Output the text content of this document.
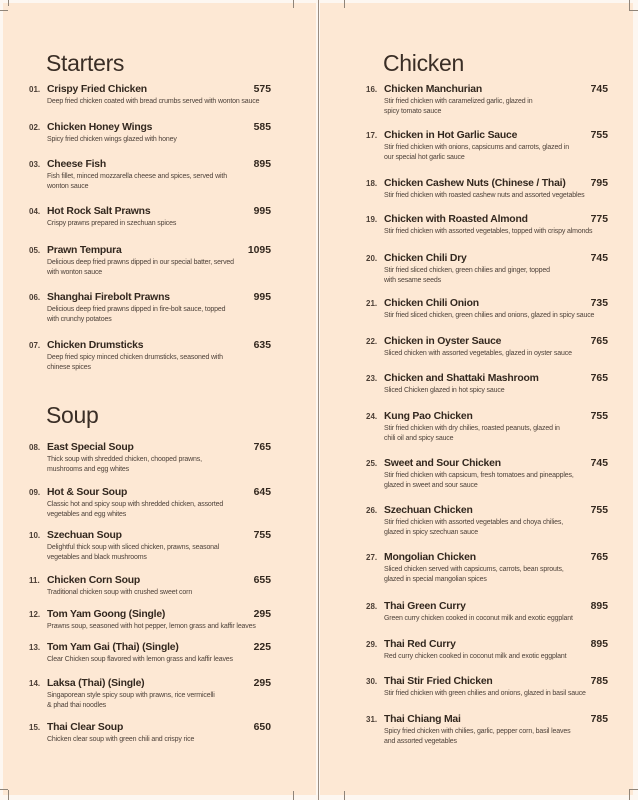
Starters
01. Crispy Fried Chicken	575
Deep fried chicken coated with bread crumbs served with wonton sauce
02. Chicken Honey Wings	585
Spicy fried chicken wings glazed with honey
03. Cheese Fish	895
Fish fillet, minced mozzarella cheese and spices, served with
wonton sauce
04. Hot Rock Salt Prawns	995
Crispy prawns prepared in szechuan spices
05. Prawn Tempura	1095
Delicious deep fried prawns dipped in our special batter, served
with wonton sauce
06. Shanghai Firebolt Prawns	995
Delicious deep fried prawns dipped in fire-bolt sauce, topped
with crunchy potatoes
07. Chicken Drumsticks	635
Deep fried spicy minced chicken drumsticks, seasoned with
chinese spices
Soup
08. East Special Soup	765
Thick soup with shredded chicken, chooped prawns,
mushrooms and egg whites
09. Hot & Sour Soup	645
Classic hot and spicy soup with shredded chicken, assorted
vegetables and egg whites
10. Szechuan Soup	755
Delightful thick soup with sliced chicken, prawns, seasonal
vegetables and black mushrooms
11. Chicken Corn Soup	655
Traditional chicken soup with crushed sweet corn
12. Tom Yam Goong (Single)	295
Prawns soup, seasoned with hot pepper, lemon grass and kaffir leaves
13. Tom Yam Gai (Thai) (Single)	225
Clear Chicken soup flavored with lemon grass and kaffir leaves
14. Laksa (Thai) (Single)	295
Singaporean style spicy soup with prawns, rice vermicelli
& phad thai noodles
15. Thai Clear Soup	650
Chicken clear soup with green chili and crispy rice
Chicken
16. Chicken Manchurian	745
Stir fried chicken with caramelized garlic, glazed in
spicy tomato sauce
17. Chicken in Hot Garlic Sauce	755
Stir fried chicken with onions, capsicums and carrots, glazed in
our special hot garlic sauce
18. Chicken Cashew Nuts (Chinese / Thai)	795
Stir fried chicken with roasted cashew nuts and assorted vegetables
19. Chicken with Roasted Almond	775
Stir fried chicken with assorted vegetables, topped with crispy almonds
20. Chicken Chili Dry	745
Stir fried sliced chicken, green chilies and ginger, topped
with sesame seeds
21. Chicken Chili Onion	735
Stir fried sliced chicken, green chilies and onions, glazed in spicy sauce
22. Chicken in Oyster Sauce	765
Sliced chicken with assorted vegetables, glazed in oyster sauce
23. Chicken and Shattaki Mashroom	765
Sliced Chicken glazed in hot spicy sauce
24. Kung Pao Chicken	755
Stir fried chicken with dry chilies, roasted peanuts, glazed in
chili oil and spicy sauce
25. Sweet and Sour Chicken	745
Stir fried chicken with capsicum, fresh tomatoes and pineapples,
glazed in sweet and sour sauce
26. Szechuan Chicken	755
Stir fried chicken with assorted vegetables and choya chilies,
glazed in spicy szechuan sauce
27. Mongolian Chicken	765
Sliced chicken served with capsicums, carrots, bean sprouts,
glazed in special mangolian spices
28. Thai Green Curry	895
Green curry chicken cooked in coconut milk and exotic eggplant
29. Thai Red Curry	895
Red curry chicken cooked in coconut milk and exotic eggplant
30. Thai Stir Fried Chicken	785
Stir fried chicken with green chilies and onions, glazed in basil sauce
31. Thai Chiang Mai	785
Spicy fried chicken with chilies, garlic, pepper corn, basil leaves
and assorted vegetables
